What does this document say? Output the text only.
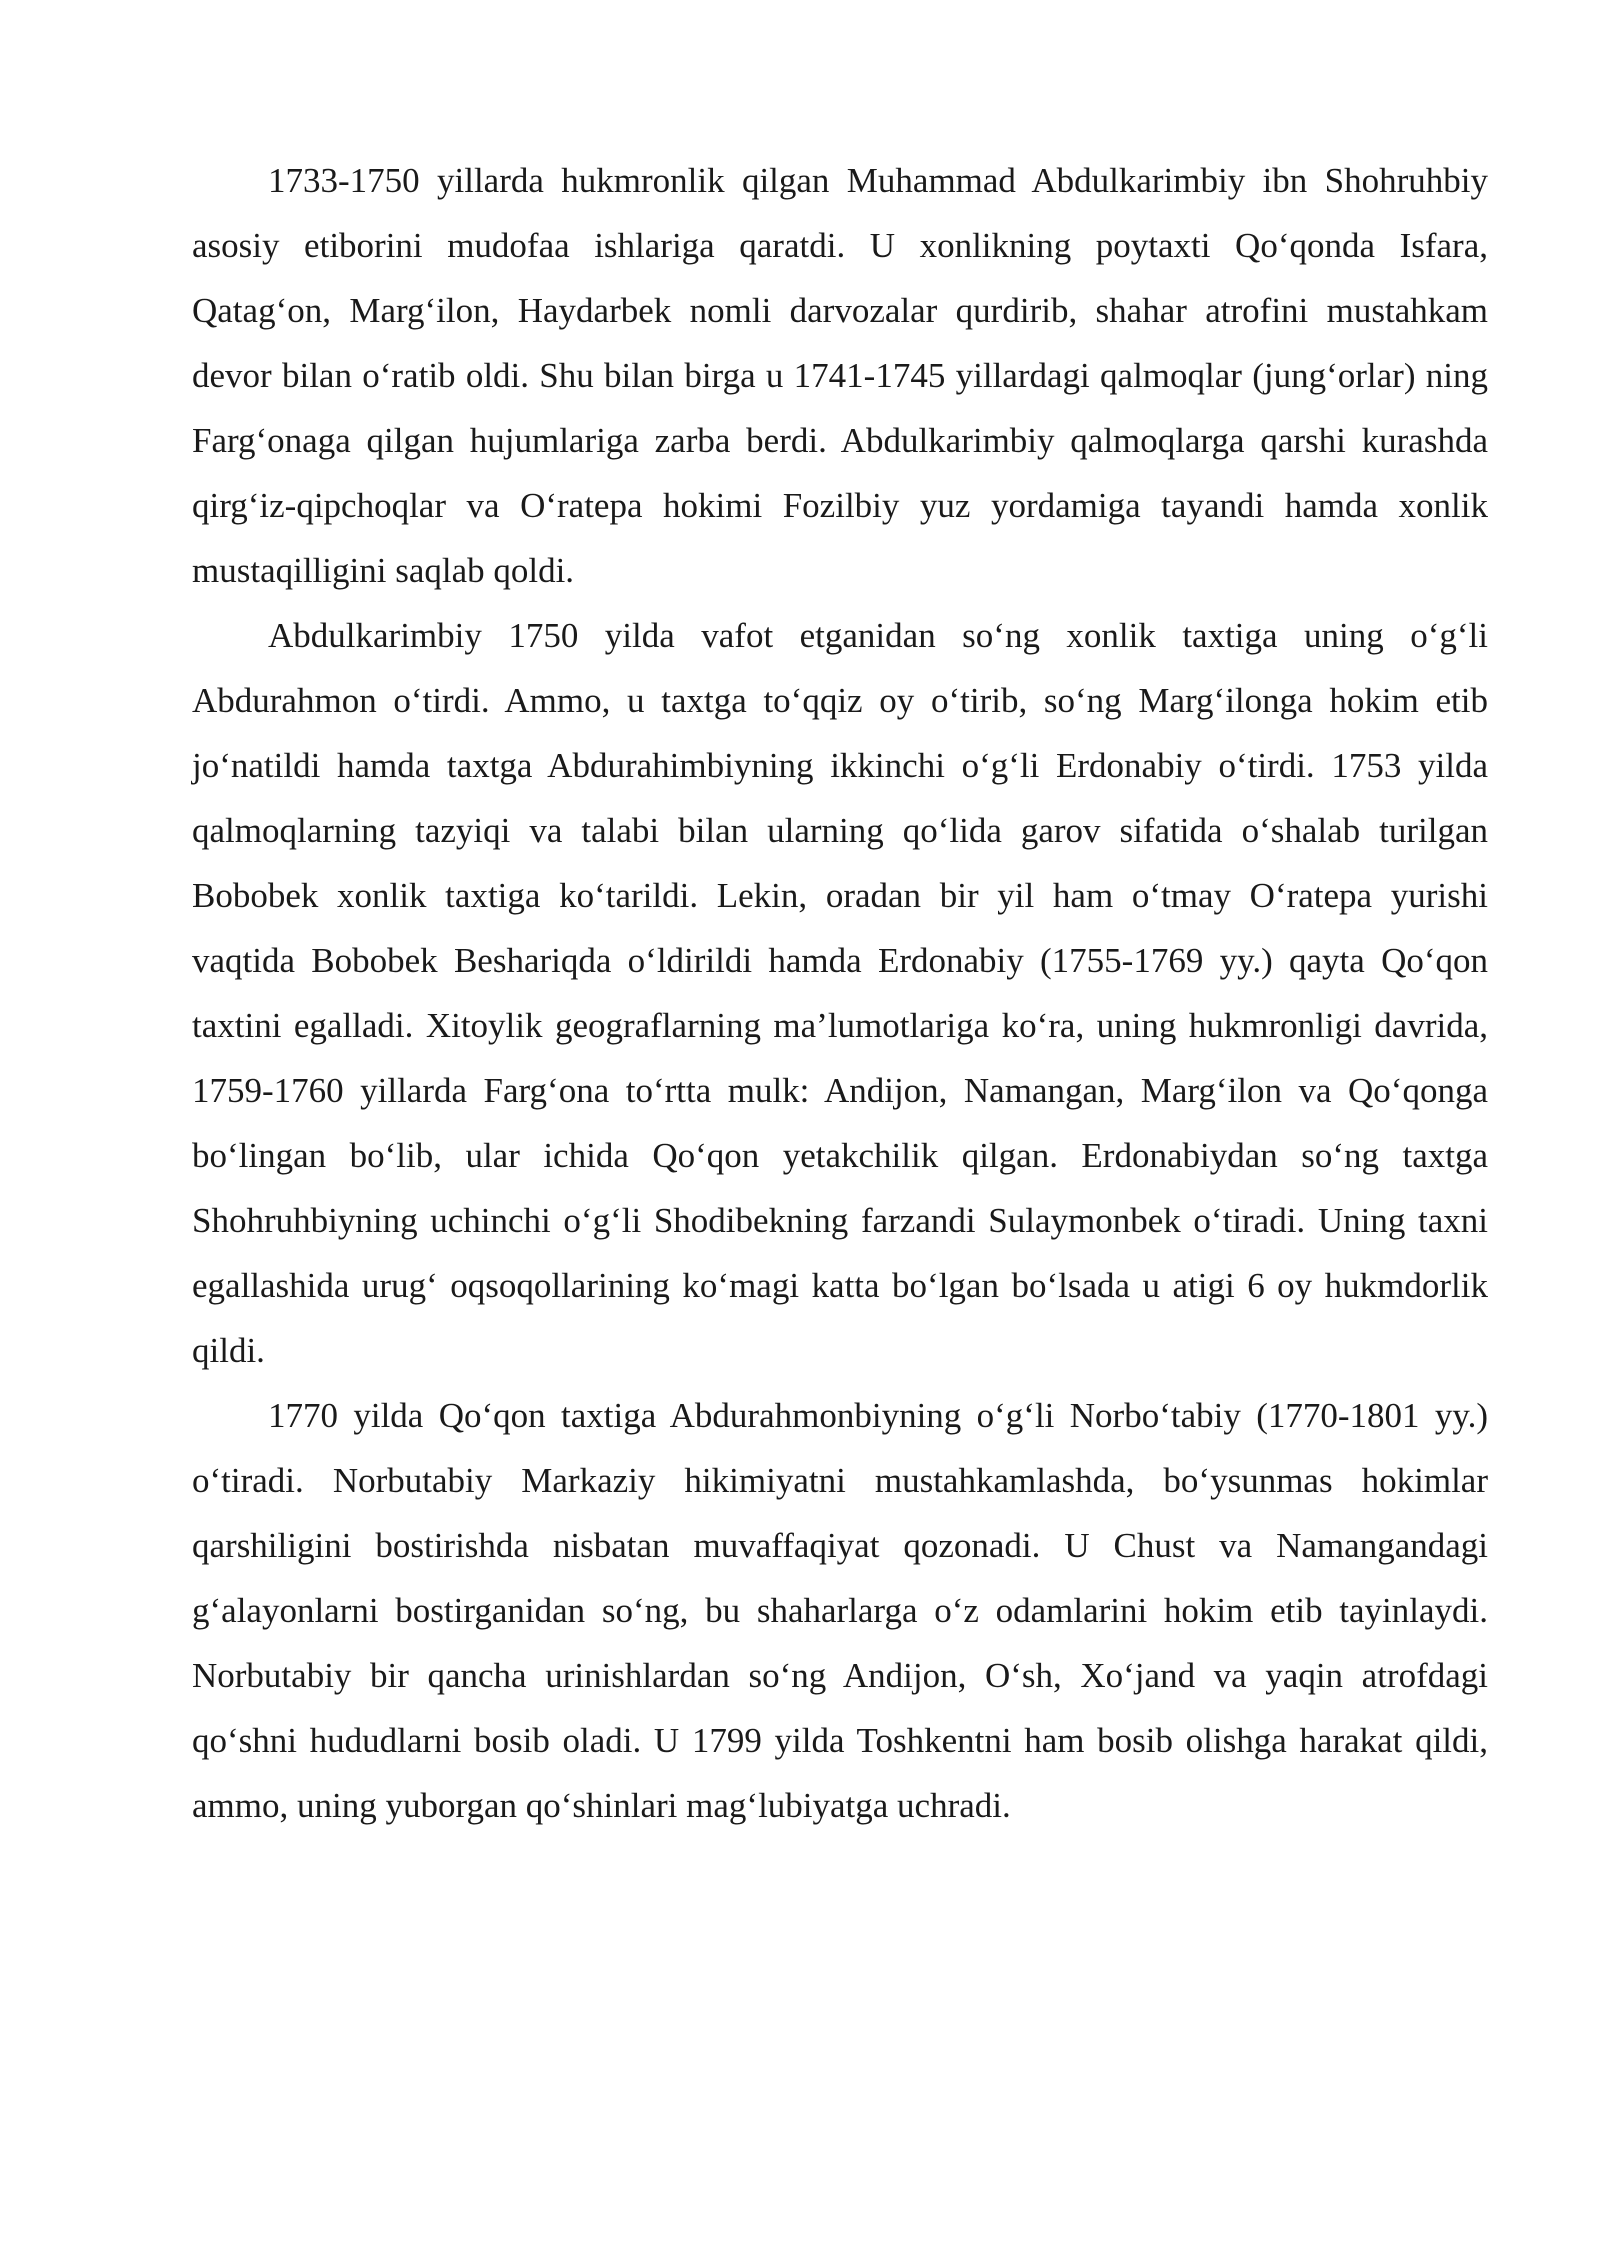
1733-1750 yillarda hukmronlik qilgan Muhammad Abdulkarimbiy ibn Shohruhbiy asosiy etiborini mudofaa ishlariga qaratdi. U xonlikning poytaxti Qo‘qonda Isfara, Qatag‘on, Marg‘ilon, Haydarbek nomli darvozalar qurdirib, shahar atrofini mustahkam devor bilan o‘ratib oldi. Shu bilan birga u 1741-1745 yillardagi qalmoqlar (jung‘orlar) ning Farg‘onaga qilgan hujumlariga zarba berdi. Abdulkarimbiy qalmoqlarga qarshi kurashda qirg‘iz-qipchoqlar va O‘ratepa hokimi Fozilbiy yuz yordamiga tayandi hamda xonlik mustaqilligini saqlab qoldi.

Abdulkarimbiy 1750 yilda vafot etganidan so‘ng xonlik taxtiga uning o‘g‘li Abdurahmon o‘tirdi. Ammo, u taxtga to‘qqiz oy o‘tirib, so‘ng Marg‘ilonga hokim etib jo‘natildi hamda taxtga Abdurahimbiyning ikkinchi o‘g‘li Erdonabiy o‘tirdi. 1753 yilda qalmoqlarning tazyiqi va talabi bilan ularning qo‘lida garov sifatida o‘shalab turilgan Bobobek xonlik taxtiga ko‘tarildi. Lekin, oradan bir yil ham o‘tmay O‘ratepa yurishi vaqtida Bobobek Beshariqda o‘ldirildi hamda Erdonabiy (1755-1769 yy.) qayta Qo‘qon taxtini egalladi. Xitoylik geograflarning ma’lumotlariga ko‘ra, uning hukmronligi davrida, 1759-1760 yillarda Farg‘ona to‘rtta mulk: Andijon, Namangan, Marg‘ilon va Qo‘qonga bo‘lingan bo‘lib, ular ichida Qo‘qon yetakchilik qilgan. Erdonabiydan so‘ng taxtga Shohruhbiyning uchinchi o‘g‘li Shodibekning farzandi Sulaymonbek o‘tiradi. Uning taxni egallashida urug‘ oqsoqollarining ko‘magi katta bo‘lgan bo‘lsada u atigi 6 oy hukmdorlik qildi.

1770 yilda Qo‘qon taxtiga Abdurahmonbiyning o‘g‘li Norbo‘tabiy (1770-1801 yy.) o‘tiradi. Norbutabiy Markaziy hikimiyatni mustahkamlashda, bo‘ysunmas hokimlar qarshiligini bostirishda nisbatan muvaffaqiyat qozonadi. U Chust va Namangandagi g‘alayonlarni bostirganidan so‘ng, bu shaharlarga o‘z odamlarini hokim etib tayinlaydi. Norbutabiy bir qancha urinishlardan so‘ng Andijon, O‘sh, Xo‘jand va yaqin atrofdagi qo‘shni hududlarni bosib oladi. U 1799 yilda Toshkentni ham bosib olishga harakat qildi, ammo, uning yuborgan qo‘shinlari mag‘lubiyatga uchradi.
